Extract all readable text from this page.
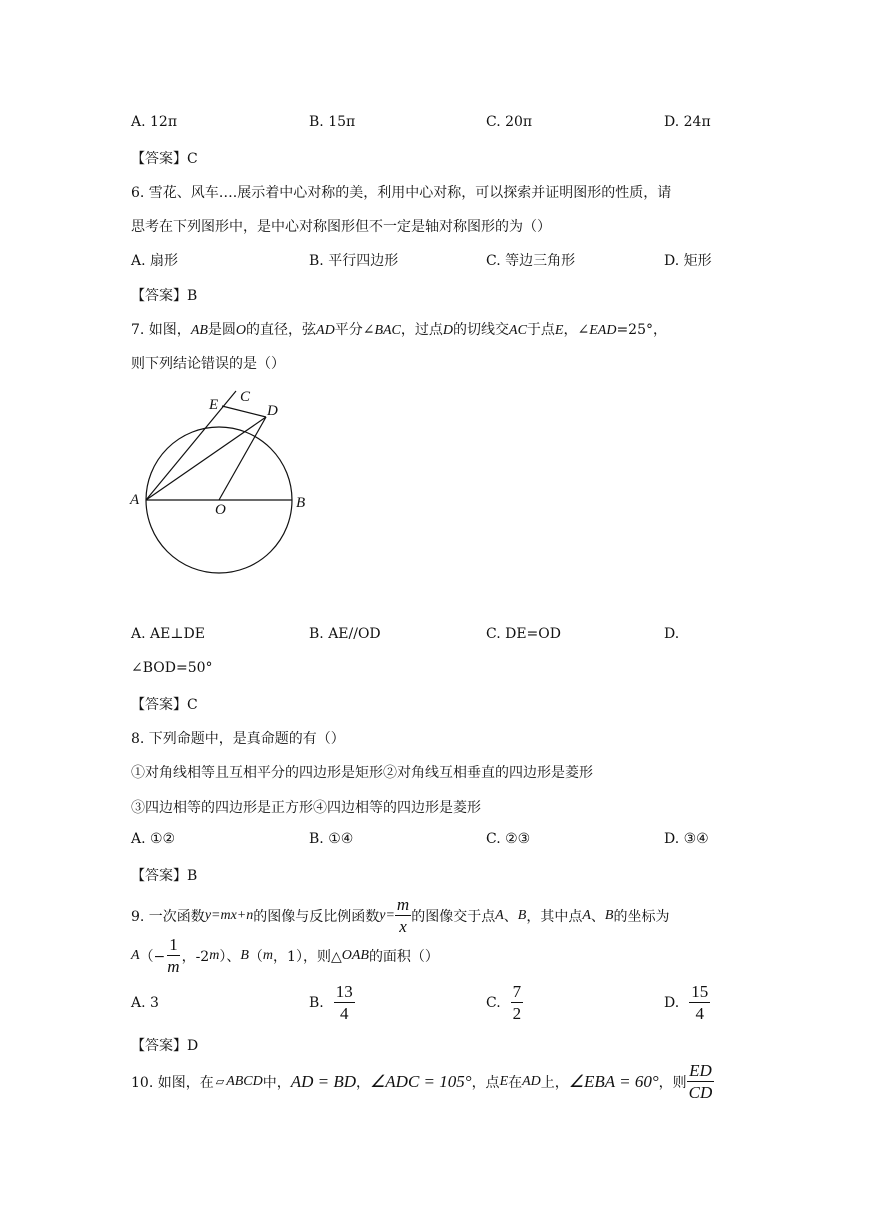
A. 12π	B. 15π	C. 20π	D. 24π
【答案】C
6. 雪花、风车….展示着中心对称的美，利用中心对称，可以探索并证明图形的性质，请
思考在下列图形中，是中心对称图形但不一定是轴对称图形的为（）
A. 扇形	B. 平行四边形	C. 等边三角形	D. 矩形
【答案】B
7. 如图，AB是圆O的直径，弦AD平分∠BAC，过点D的切线交AC于点E，∠EAD=25°，
则下列结论错误的是（）
A	B
O
D
E C
A. AE⊥DE	B. AE//OD	C. DE=OD	D.
∠BOD=50°
【答案】C
8. 下列命题中，是真命题的有（）
①对角线相等且互相平分的四边形是矩形②对角线互相垂直的四边形是菱形
③四边相等的四边形是正方形④四边相等的四边形是菱形
A. ①②	B. ①④	C. ②③	D. ③④
【答案】B
9. 一次函数 y=mx+n 的图像与反比例函数 $y= \frac{m}{x}$ 的图像交于点 A 、 B ，其中点 A 、 B 的坐标为
A （− $\frac{1}{m}$ ，-2 m ）、 B （ m ，1），则△ OAB 的面积（）
A. 3	B. $\frac{13}{4}$	C. $\frac{7}{2}$	D. $\frac{15}{4}$
【答案】D
10. 如图，在 ▱ ABCD 中， AD = BD ， ∠ADC = 105° ，点 E 在 AD 上， ∠EBA = 60° ，则 $\frac{ED}{CD}$
